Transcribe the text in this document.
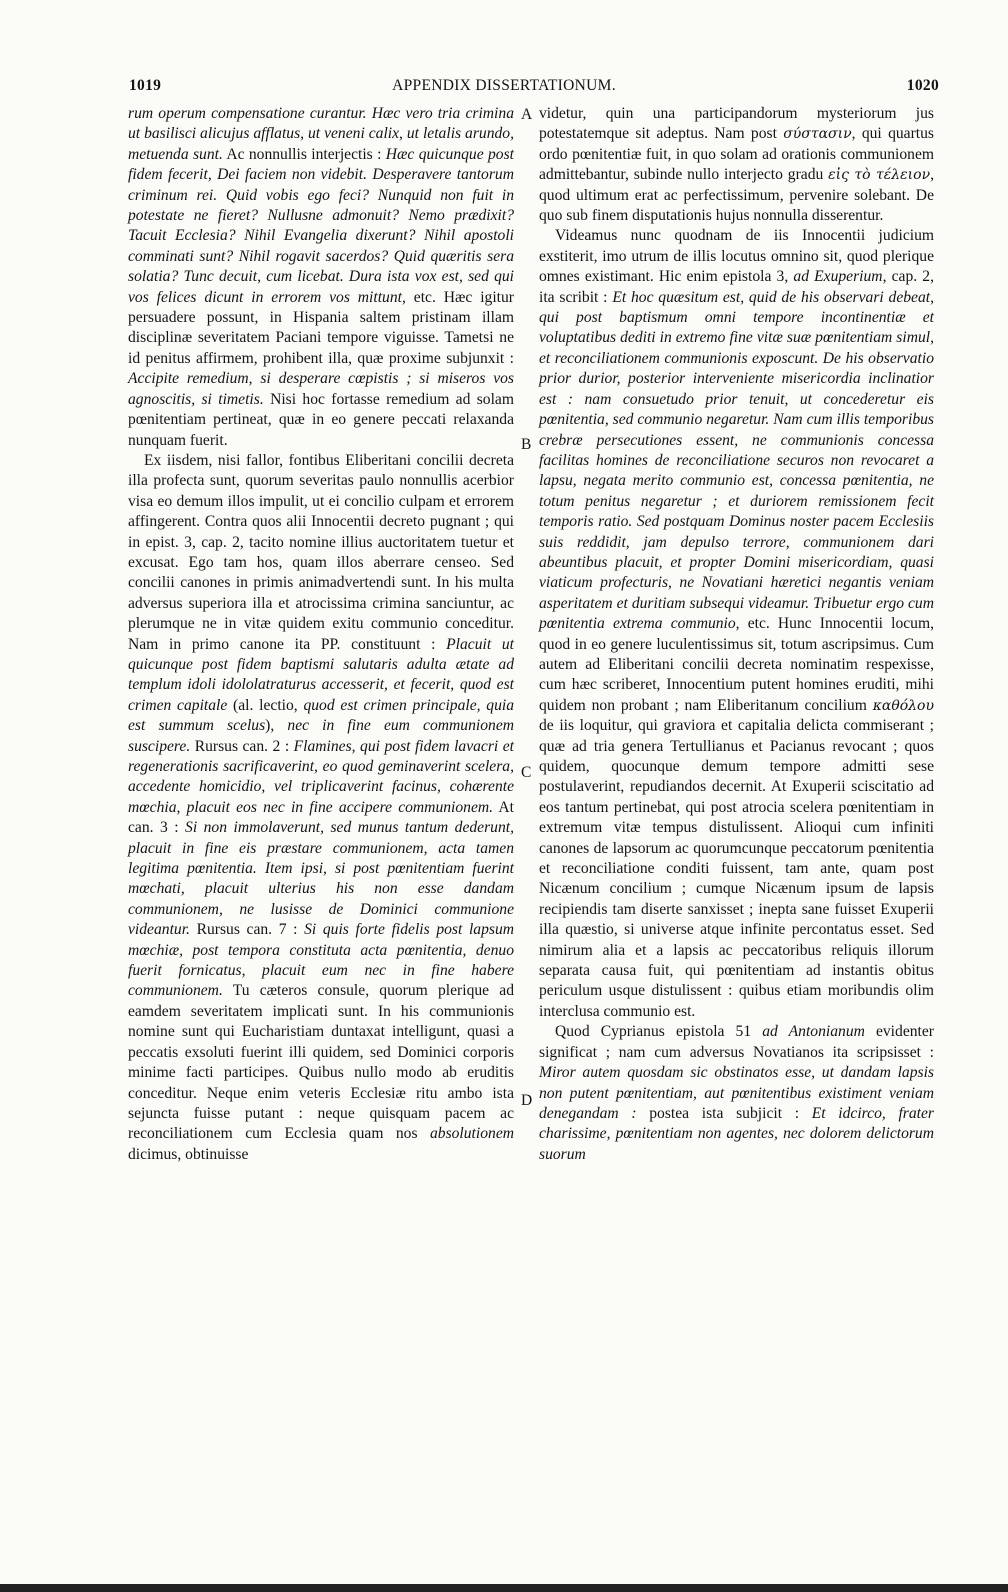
1019	APPENDIX DISSERTATIONUM.	1020
A
B
C
D

rum operum compensatione curantur. Hæc vero tria crimina ut basilisci alicujus afflatus, ut veneni calix, ut letalis arundo, metuenda sunt. Ac nonnullis interjectis : Hæc quicunque post fidem fecerit, Dei faciem non videbit. Desperavere tantorum criminum rei. Quid vobis ego feci? Nunquid non fuit in potestate ne fieret? Nullusne admonuit? Nemo prædixit? Tacuit Ecclesia? Nihil Evangelia dixerunt? Nihil apostoli comminati sunt? Nihil rogavit sacerdos? Quid quæritis sera solatia? Tunc decuit, cum licebat. Dura ista vox est, sed qui vos felices dicunt in errorem vos mittunt, etc. Hæc igitur persuadere possunt, in Hispania saltem pristinam illam disciplinæ severitatem Paciani tempore viguisse. Tametsi ne id penitus affirmem, prohibent illa, quæ proxime subjunxit : Accipite remedium, si desperare cœpistis ; si miseros vos agnoscitis, si timetis. Nisi hoc fortasse remedium ad solam pœnitentiam pertineat, quæ in eo genere peccati relaxanda nunquam fuerit.

Ex iisdem, nisi fallor, fontibus Eliberitani concilii decreta illa profecta sunt, quorum severitas paulo nonnullis acerbior visa eo demum illos impulit, ut ei concilio culpam et errorem affingerent. Contra quos alii Innocentii decreto pugnant ; qui in epist. 3, cap. 2, tacito nomine illius auctoritatem tuetur et excusat. Ego tam hos, quam illos aberrare censeo. Sed concilii canones in primis animadvertendi sunt. In his multa adversus superiora illa et atrocissima crimina sanciuntur, ac plerumque ne in vitæ quidem exitu communio conceditur. Nam in primo canone ita PP. constituunt : Placuit ut quicunque post fidem baptismi salutaris adulta ætate ad templum idoli idololatraturus accesserit, et fecerit, quod est crimen capitale (al. lectio, quod est crimen principale, quia est summum scelus), nec in fine eum communionem suscipere. Rursus can. 2 : Flamines, qui post fidem lavacri et regenerationis sacrificaverint, eo quod geminaverint scelera, accedente homicidio, vel triplicaverint facinus, cohærente mœchia, placuit eos nec in fine accipere communionem. At can. 3 : Si non immolaverunt, sed munus tantum dederunt, placuit in fine eis præstare communionem, acta tamen legitima pœnitentia. Item ipsi, si post pœnitentiam fuerint mœchati, placuit ulterius his non esse dandam communionem, ne lusisse de Dominici communione videantur. Rursus can. 7 : Si quis forte fidelis post lapsum mœchiæ, post tempora constituta acta pœnitentia, denuo fuerit fornicatus, placuit eum nec in fine habere communionem. Tu cæteros consule, quorum plerique ad eamdem severitatem implicati sunt. In his communionis nomine sunt qui Eucharistiam duntaxat intelligunt, quasi a peccatis exsoluti fuerint illi quidem, sed Dominici corporis minime facti participes. Quibus nullo modo ab eruditis conceditur. Neque enim veteris Ecclesiæ ritu ambo ista sejuncta fuisse putant : neque quisquam pacem ac reconciliationem cum Ecclesia quam nos absolutionem dicimus, obtinuisse

videtur, quin una participandorum mysteriorum jus potestatemque sit adeptus. Nam post σύστασιν, qui quartus ordo pœnitentiæ fuit, in quo solam ad orationis communionem admittebantur, subinde nullo interjecto gradu εἰς τὸ τέλειον, quod ultimum erat ac perfectissimum, pervenire solebant. De quo sub finem disputationis hujus nonnulla disserentur.

Videamus nunc quodnam de iis Innocentii judicium exstiterit, imo utrum de illis locutus omnino sit, quod plerique omnes existimant. Hic enim epistola 3, ad Exuperium, cap. 2, ita scribit : Et hoc quæsitum est, quid de his observari debeat, qui post baptismum omni tempore incontinentiæ et voluptatibus dediti in extremo fine vitæ suæ pœnitentiam simul, et reconciliationem communionis exposcunt. De his observatio prior durior, posterior interveniente misericordia inclinatior est : nam consuetudo prior tenuit, ut concederetur eis pœnitentia, sed communio negaretur. Nam cum illis temporibus crebræ persecutiones essent, ne communionis concessa facilitas homines de reconciliatione securos non revocaret a lapsu, negata merito communio est, concessa pœnitentia, ne totum penitus negaretur ; et duriorem remissionem fecit temporis ratio. Sed postquam Dominus noster pacem Ecclesiis suis reddidit, jam depulso terrore, communionem dari abeuntibus placuit, et propter Domini misericordiam, quasi viaticum profecturis, ne Novatiani hæretici negantis veniam asperitatem et duritiam subsequi videamur. Tribuetur ergo cum pœnitentia extrema communio, etc. Hunc Innocentii locum, quod in eo genere luculentissimus sit, totum ascripsimus. Cum autem ad Eliberitani concilii decreta nominatim respexisse, cum hæc scriberet, Innocentium putent homines eruditi, mihi quidem non probant ; nam Eliberitanum concilium καθόλου de iis loquitur, qui graviora et capitalia delicta commiserant ; quæ ad tria genera Tertullianus et Pacianus revocant ; quos quidem, quocunque demum tempore admitti sese postulaverint, repudiandos decernit. At Exuperii sciscitatio ad eos tantum pertinebat, qui post atrocia scelera pœnitentiam in extremum vitæ tempus distulissent. Alioqui cum infiniti canones de lapsorum ac quorumcunque peccatorum pœnitentia et reconciliatione conditi fuissent, tam ante, quam post Nicænum concilium ; cumque Nicænum ipsum de lapsis recipiendis tam diserte sanxisset ; inepta sane fuisset Exuperii illa quæstio, si universe atque infinite percontatus esset. Sed nimirum alia et a lapsis ac peccatoribus reliquis illorum separata causa fuit, qui pœnitentiam ad instantis obitus periculum usque distulissent : quibus etiam moribundis olim interclusa communio est.

Quod Cyprianus epistola 51 ad Antonianum evidenter significat ; nam cum adversus Novatianos ita scripsisset : Miror autem quosdam sic obstinatos esse, ut dandam lapsis non putent pœnitentiam, aut pœnitentibus existiment veniam denegandam : postea ista subjicit : Et idcirco, frater charissime, pœnitentiam non agentes, nec dolorem delictorum suorum
